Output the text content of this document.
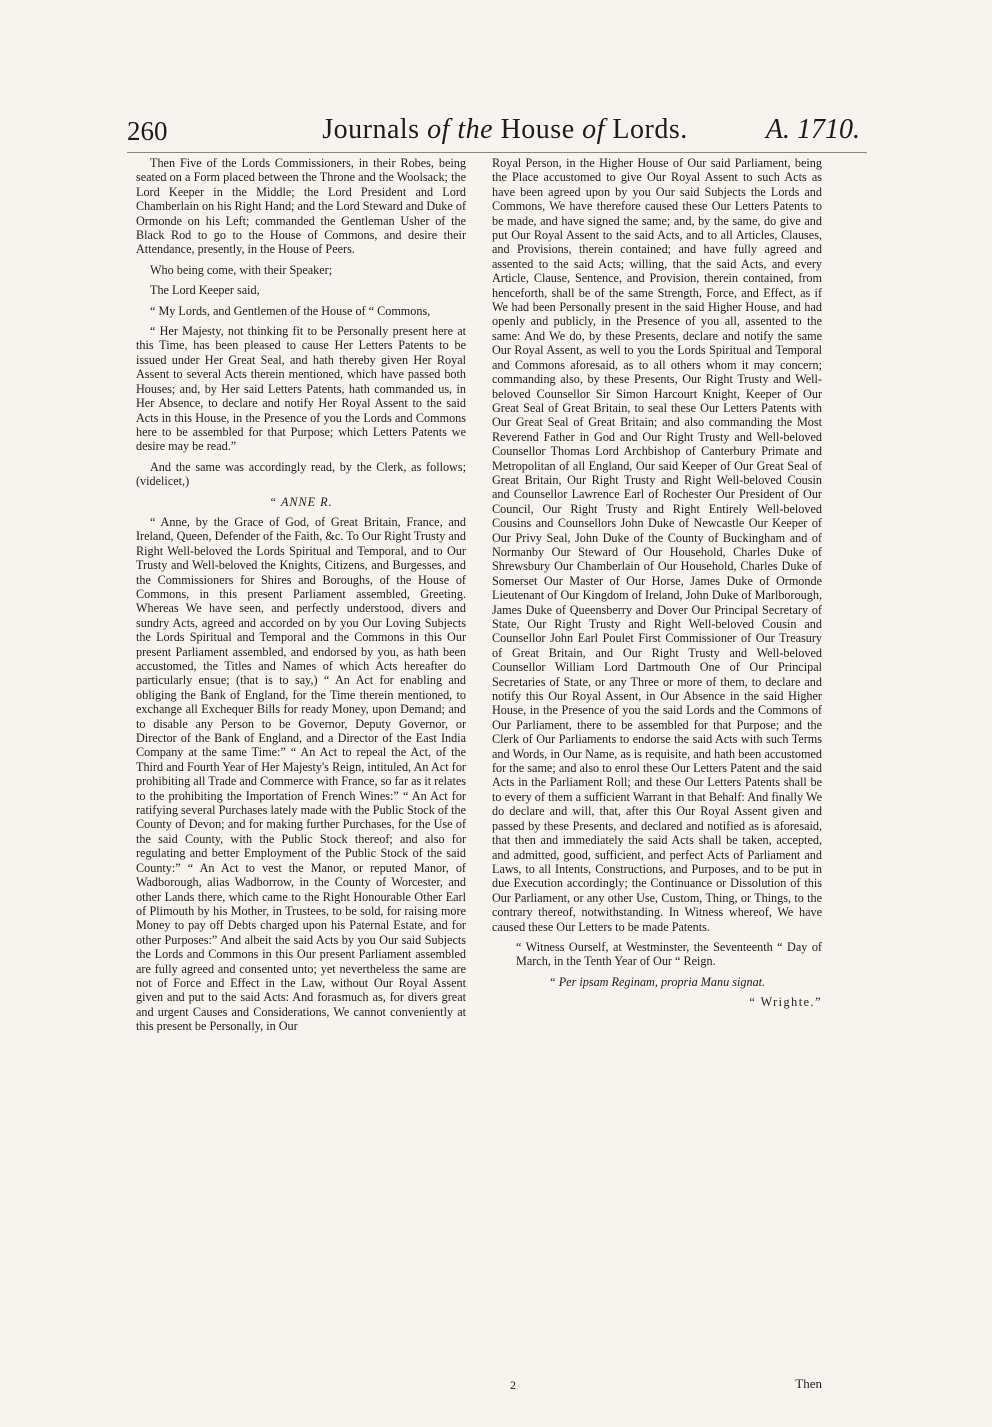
260	Journals of the House of Lords.	A. 1710.

Then Five of the Lords Commissioners, in their Robes, being seated on a Form placed between the Throne and the Woolsack; the Lord Keeper in the Middle; the Lord President and Lord Chamberlain on his Right Hand; and the Lord Steward and Duke of Ormonde on his Left; commanded the Gentleman Usher of the Black Rod to go to the House of Commons, and desire their Attendance, presently, in the House of Peers.

Who being come, with their Speaker;

The Lord Keeper said,

“ My Lords, and Gentlemen of the House of “ Commons,

“ Her Majesty, not thinking fit to be Personally present here at this Time, has been pleased to cause Her Letters Patents to be issued under Her Great Seal, and hath thereby given Her Royal Assent to several Acts therein mentioned, which have passed both Houses; and, by Her said Letters Patents, hath commanded us, in Her Absence, to declare and notify Her Royal Assent to the said Acts in this House, in the Presence of you the Lords and Commons here to be assembled for that Purpose; which Letters Patents we desire may be read.”

And the same was accordingly read, by the Clerk, as follows; (videlicet,)

“ ANNE R.

“ Anne, by the Grace of God, of Great Britain, France, and Ireland, Queen, Defender of the Faith, &c. To Our Right Trusty and Right Well-beloved the Lords Spiritual and Temporal, and to Our Trusty and Well-beloved the Knights, Citizens, and Burgesses, and the Commissioners for Shires and Boroughs, of the House of Commons, in this present Parliament assembled, Greeting. Whereas We have seen, and perfectly understood, divers and sundry Acts, agreed and accorded on by you Our Loving Subjects the Lords Spiritual and Temporal and the Commons in this Our present Parliament assembled, and endorsed by you, as hath been accustomed, the Titles and Names of which Acts hereafter do particularly ensue; (that is to say,) “ An Act for enabling and obliging the Bank of England, for the Time therein mentioned, to exchange all Exchequer Bills for ready Money, upon Demand; and to disable any Person to be Governor, Deputy Governor, or Director of the Bank of England, and a Director of the East India Company at the same Time:” “ An Act to repeal the Act, of the Third and Fourth Year of Her Majesty's Reign, intituled, An Act for prohibiting all Trade and Commerce with France, so far as it relates to the prohibiting the Importation of French Wines:” “ An Act for ratifying several Purchases lately made with the Public Stock of the County of Devon; and for making further Purchases, for the Use of the said County, with the Public Stock thereof; and also for regulating and better Employment of the Public Stock of the said County:” “ An Act to vest the Manor, or reputed Manor, of Wadborough, alias Wadborrow, in the County of Worcester, and other Lands there, which came to the Right Honourable Other Earl of Plimouth by his Mother, in Trustees, to be sold, for raising more Money to pay off Debts charged upon his Paternal Estate, and for other Purposes:” And albeit the said Acts by you Our said Subjects the Lords and Commons in this Our present Parliament assembled are fully agreed and consented unto; yet nevertheless the same are not of Force and Effect in the Law, without Our Royal Assent given and put to the said Acts: And forasmuch as, for divers great and urgent Causes and Considerations, We cannot conveniently at this present be Personally, in Our

Royal Person, in the Higher House of Our said Parliament, being the Place accustomed to give Our Royal Assent to such Acts as have been agreed upon by you Our said Subjects the Lords and Commons, We have therefore caused these Our Letters Patents to be made, and have signed the same; and, by the same, do give and put Our Royal Assent to the said Acts, and to all Articles, Clauses, and Provisions, therein contained; and have fully agreed and assented to the said Acts; willing, that the said Acts, and every Article, Clause, Sentence, and Provision, therein contained, from henceforth, shall be of the same Strength, Force, and Effect, as if We had been Personally present in the said Higher House, and had openly and publicly, in the Presence of you all, assented to the same: And We do, by these Presents, declare and notify the same Our Royal Assent, as well to you the Lords Spiritual and Temporal and Commons aforesaid, as to all others whom it may concern; commanding also, by these Presents, Our Right Trusty and Well-beloved Counsellor Sir Simon Harcourt Knight, Keeper of Our Great Seal of Great Britain, to seal these Our Letters Patents with Our Great Seal of Great Britain; and also commanding the Most Reverend Father in God and Our Right Trusty and Well-beloved Counsellor Thomas Lord Archbishop of Canterbury Primate and Metropolitan of all England, Our said Keeper of Our Great Seal of Great Britain, Our Right Trusty and Right Well-beloved Cousin and Counsellor Lawrence Earl of Rochester Our President of Our Council, Our Right Trusty and Right Entirely Well-beloved Cousins and Counsellors John Duke of Newcastle Our Keeper of Our Privy Seal, John Duke of the County of Buckingham and of Normanby Our Steward of Our Household, Charles Duke of Shrewsbury Our Chamberlain of Our Household, Charles Duke of Somerset Our Master of Our Horse, James Duke of Ormonde Lieutenant of Our Kingdom of Ireland, John Duke of Marlborough, James Duke of Queensberry and Dover Our Principal Secretary of State, Our Right Trusty and Right Well-beloved Cousin and Counsellor John Earl Poulet First Commissioner of Our Treasury of Great Britain, and Our Right Trusty and Well-beloved Counsellor William Lord Dartmouth One of Our Principal Secretaries of State, or any Three or more of them, to declare and notify this Our Royal Assent, in Our Absence in the said Higher House, in the Presence of you the said Lords and the Commons of Our Parliament, there to be assembled for that Purpose; and the Clerk of Our Parliaments to endorse the said Acts with such Terms and Words, in Our Name, as is requisite, and hath been accustomed for the same; and also to enrol these Our Letters Patent and the said Acts in the Parliament Roll; and these Our Letters Patents shall be to every of them a sufficient Warrant in that Behalf: And finally We do declare and will, that, after this Our Royal Assent given and passed by these Presents, and declared and notified as is aforesaid, that then and immediately the said Acts shall be taken, accepted, and admitted, good, sufficient, and perfect Acts of Parliament and Laws, to all Intents, Constructions, and Purposes, and to be put in due Execution accordingly; the Continuance or Dissolution of this Our Parliament, or any other Use, Custom, Thing, or Things, to the contrary thereof, notwithstanding. In Witness whereof, We have caused these Our Letters to be made Patents.

“ Witness Ourself, at Westminster, the Seventeenth “ Day of March, in the Tenth Year of Our “ Reign.

“ Per ipsam Reginam, propria Manu signat.

“ Wrighte.”

2	Then
